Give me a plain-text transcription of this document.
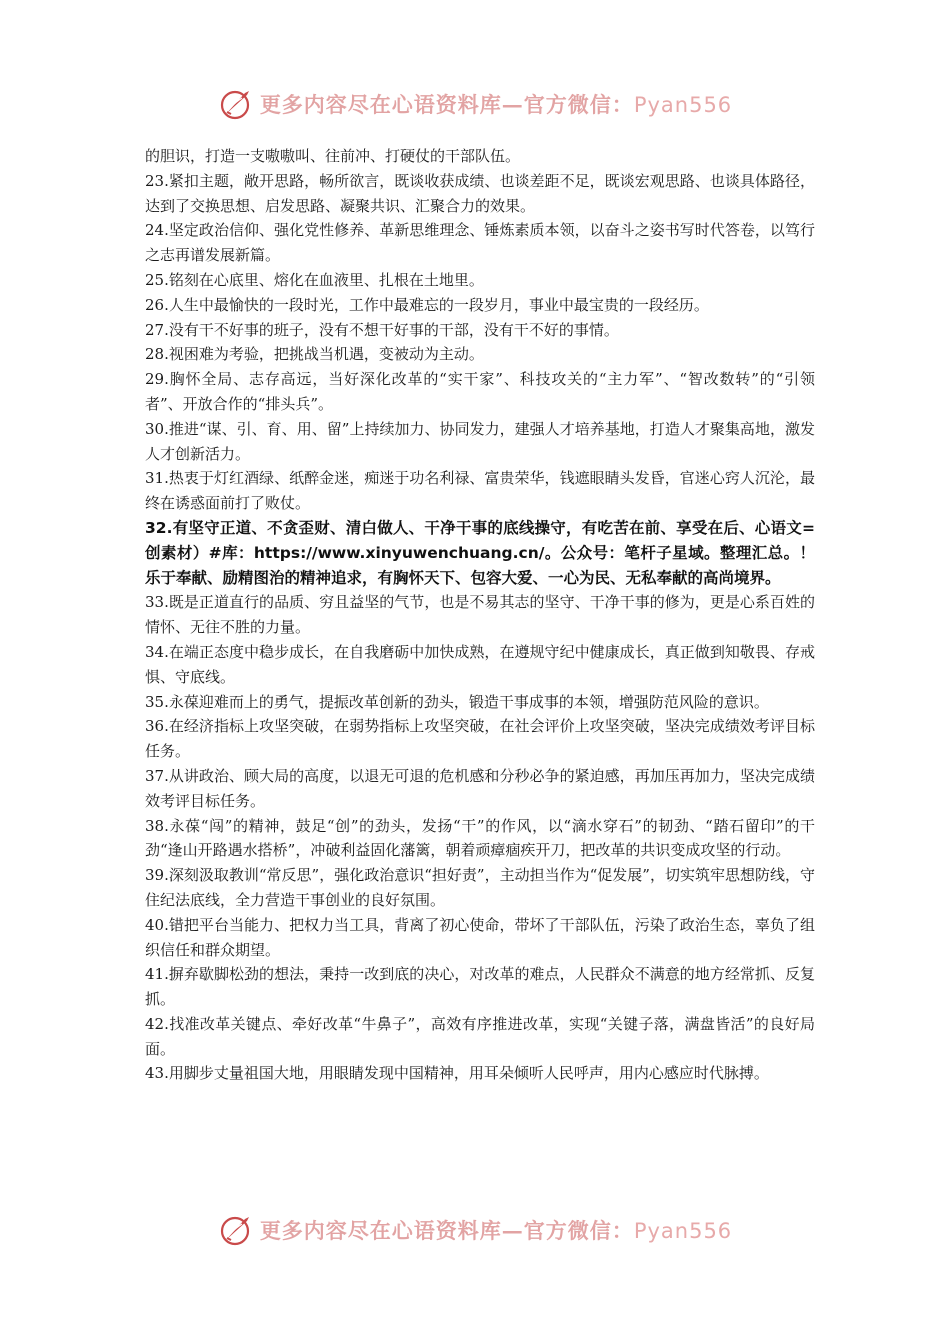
更多内容尽在心语资料库—官方微信：Pyan556

的胆识，打造一支嗷嗷叫、往前冲、打硬仗的干部队伍。

23.紧扣主题，敞开思路，畅所欲言，既谈收获成绩、也谈差距不足，既谈宏观思路、也谈具体路径，达到了交换思想、启发思路、凝聚共识、汇聚合力的效果。

24.坚定政治信仰、强化党性修养、革新思维理念、锤炼素质本领，以奋斗之姿书写时代答卷，以笃行之志再谱发展新篇。

25.铭刻在心底里、熔化在血液里、扎根在土地里。

26.人生中最愉快的一段时光，工作中最难忘的一段岁月，事业中最宝贵的一段经历。

27.没有干不好事的班子，没有不想干好事的干部，没有干不好的事情。

28.视困难为考验，把挑战当机遇，变被动为主动。

29.胸怀全局、志存高远，当好深化改革的“实干家”、科技攻关的“主力军”、“智改数转”的“引领者”、开放合作的“排头兵”。

30.推进“谋、引、育、用、留”上持续加力、协同发力，建强人才培养基地，打造人才聚集高地，激发人才创新活力。

31.热衷于灯红酒绿、纸醉金迷，痴迷于功名利禄、富贵荣华，钱遮眼睛头发昏，官迷心窍人沉沦，最终在诱惑面前打了败仗。

32.有坚守正道、不贪歪财、清白做人、干净干事的底线操守，有吃苦在前、享受在后、心语文=创素材）#库：https://www.xinyuwenchuang.cn/。公众号：笔杆子星域。整理汇总。！乐于奉献、励精图治的精神追求，有胸怀天下、包容大爱、一心为民、无私奉献的高尚境界。

33.既是正道直行的品质、穷且益坚的气节，也是不易其志的坚守、干净干事的修为，更是心系百姓的情怀、无往不胜的力量。

34.在端正态度中稳步成长，在自我磨砺中加快成熟，在遵规守纪中健康成长，真正做到知敬畏、存戒惧、守底线。

35.永葆迎难而上的勇气，提振改革创新的劲头，锻造干事成事的本领，增强防范风险的意识。

36.在经济指标上攻坚突破，在弱势指标上攻坚突破，在社会评价上攻坚突破，坚决完成绩效考评目标任务。

37.从讲政治、顾大局的高度，以退无可退的危机感和分秒必争的紧迫感，再加压再加力，坚决完成绩效考评目标任务。

38.永葆“闯”的精神，鼓足“创”的劲头，发扬“干”的作风，以“滴水穿石”的韧劲、“踏石留印”的干劲“逢山开路遇水搭桥”，冲破利益固化藩篱，朝着顽瘴痼疾开刀，把改革的共识变成攻坚的行动。

39.深刻汲取教训“常反思”，强化政治意识“担好责”，主动担当作为“促发展”，切实筑牢思想防线，守住纪法底线，全力营造干事创业的良好氛围。

40.错把平台当能力、把权力当工具，背离了初心使命，带坏了干部队伍，污染了政治生态，辜负了组织信任和群众期望。

41.摒弃歇脚松劲的想法，秉持一改到底的决心，对改革的难点，人民群众不满意的地方经常抓、反复抓。

42.找准改革关键点、牵好改革“牛鼻子”，高效有序推进改革，实现“关键子落，满盘皆活”的良好局面。

43.用脚步丈量祖国大地，用眼睛发现中国精神，用耳朵倾听人民呼声，用内心感应时代脉搏。

更多内容尽在心语资料库—官方微信：Pyan556
